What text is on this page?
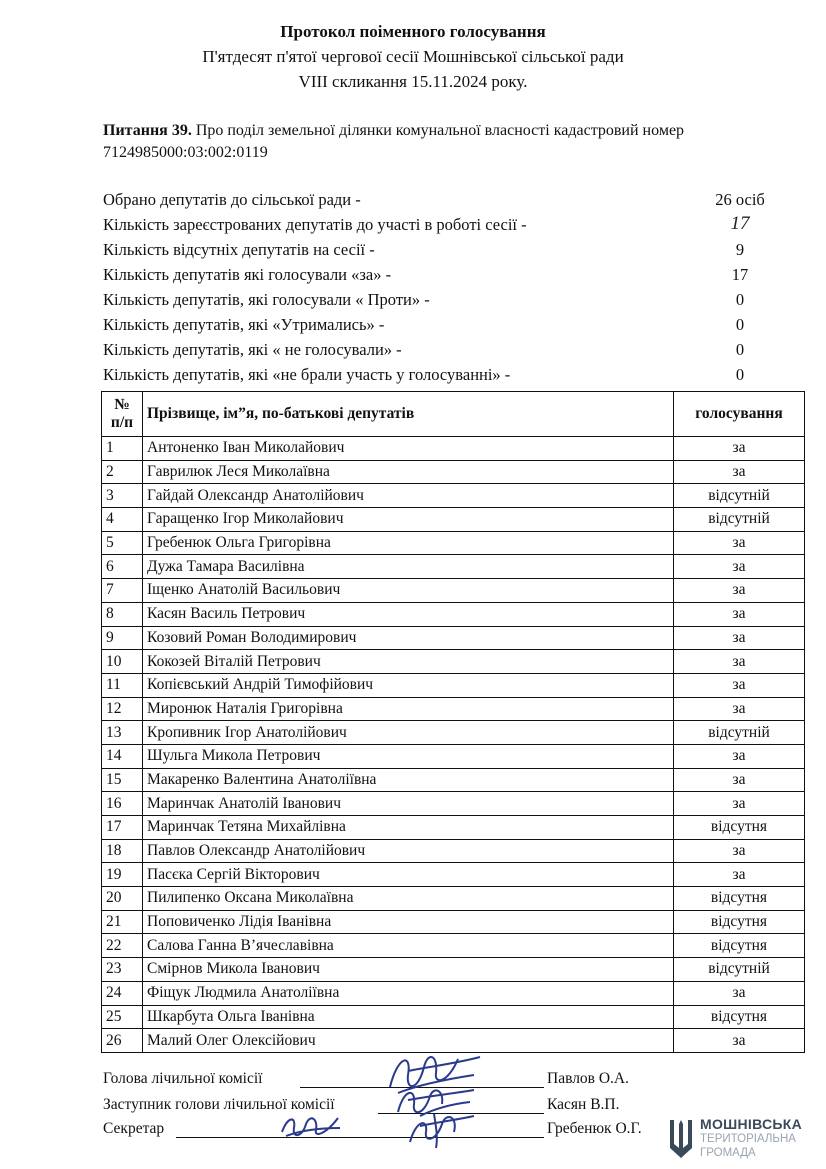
Протокол поіменного голосування
П'ятдесят п'ятої чергової сесії Мошнівської сільської ради
VIII скликання 15.11.2024 року.
Питання 39. Про поділ земельної ділянки комунальної власності кадастровий номер 7124985000:03:002:0119
Обрано депутатів до сільської ради -	26 осіб
Кількість зареєстрованих депутатів до участі в роботі сесії -	17
Кількість відсутніх депутатів на сесії -	9
Кількість депутатів які голосували «за» -	17
Кількість депутатів, які голосували « Проти» -	0
Кількість депутатів, які «Утримались» -	0
Кількість депутатів, які « не голосували» -	0
Кількість депутатів, які «не брали участь у голосуванні» -	0
№ п/п	Прізвище, ім”я, по-батькові депутатів	голосування
1	Антоненко Іван Миколайович	за
2	Гаврилюк Леся Миколаївна	за
3	Гайдай Олександр Анатолійович	відсутній
4	Гаращенко Ігор Миколайович	відсутній
5	Гребенюк Ольга Григорівна	за
6	Дужа Тамара Василівна	за
7	Іщенко Анатолій Васильович	за
8	Касян Василь Петрович	за
9	Козовий Роман Володимирович	за
10	Кокозей Віталій Петрович	за
11	Копієвський Андрій Тимофійович	за
12	Миронюк Наталія Григорівна	за
13	Кропивник Ігор Анатолійович	відсутній
14	Шульга Микола Петрович	за
15	Макаренко Валентина Анатоліївна	за
16	Маринчак Анатолій Іванович	за
17	Маринчак Тетяна Михайлівна	відсутня
18	Павлов Олександр Анатолійович	за
19	Пасєка Сергій Вікторович	за
20	Пилипенко Оксана Миколаївна	відсутня
21	Поповиченко Лідія Іванівна	відсутня
22	Салова Ганна В’ячеславівна	відсутня
23	Смірнов Микола Іванович	відсутній
24	Фіщук Людмила Анатоліївна	за
25	Шкарбута Ольга Іванівна	відсутня
26	Малий Олег Олексійович	за
Голова лічильної комісії	Павлов О.А.
Заступник голови лічильної комісії	Касян В.П.
Секретар	Гребенюк О.Г.	МОШНІВСЬКА
ТЕРИТОРІАЛЬНА
ГРОМАДА
